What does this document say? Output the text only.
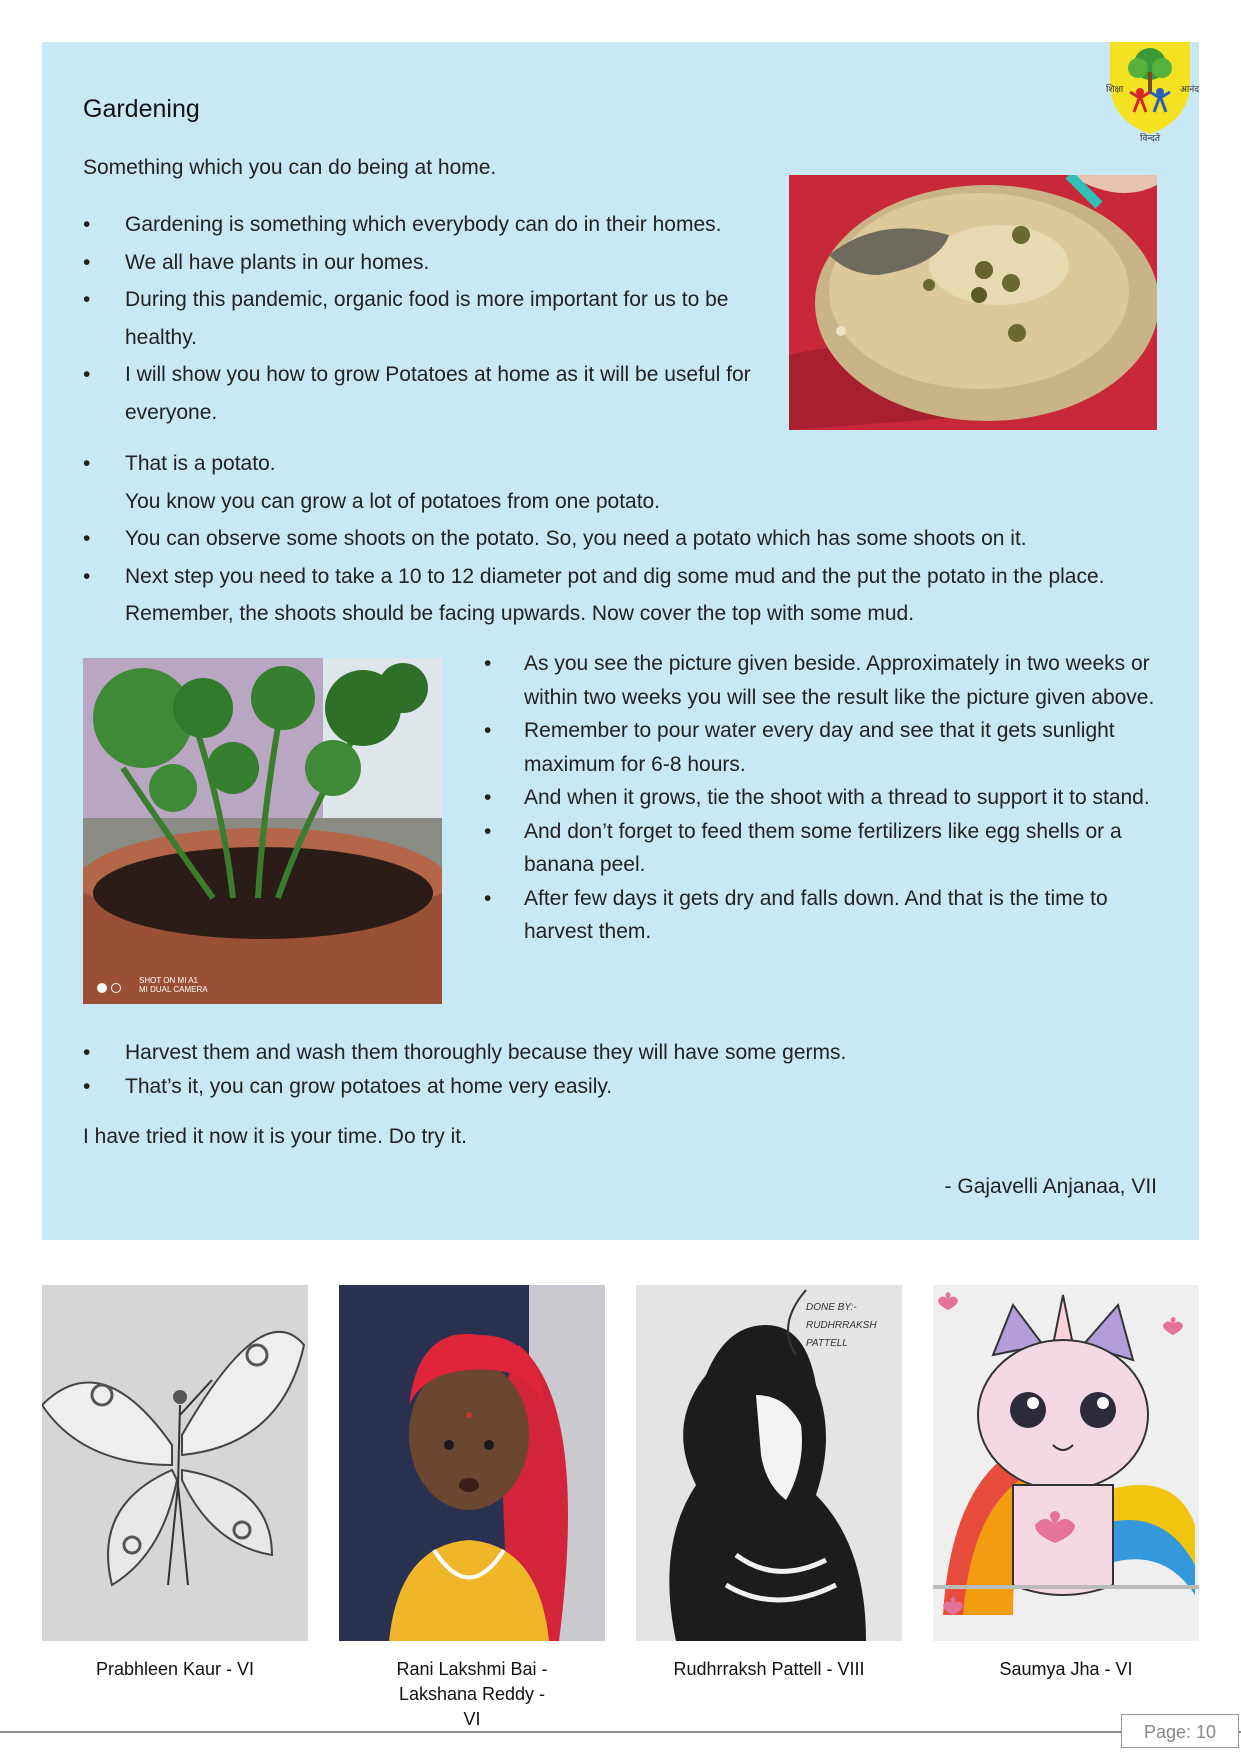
शिक्षा	आनंद
विन्दते
Gardening
Something which you can do being at home.
• Gardening is something which everybody can do in their homes.
• We all have plants in our homes.
• During this pandemic, organic food is more important for us to be healthy.
• I will show you how to grow Potatoes at home as it will be useful for everyone.
• That is a potato.
You know you can grow a lot of potatoes from one potato.
• You can observe some shoots on the potato. So, you need a potato which has some shoots on it.
• Next step you need to take a 10 to 12 diameter pot and dig some mud and the put the potato in the place. Remember, the shoots should be facing upwards. Now cover the top with some mud.

SHOT ON MI A1
MI DUAL CAMERA
• As you see the picture given beside. Approximately in two weeks or within two weeks you will see the result like the picture given above.
• Remember to pour water every day and see that it gets sunlight maximum for 6-8 hours.
• And when it grows, tie the shoot with a thread to support it to stand.
• And don’t forget to feed them some fertilizers like egg shells or a banana peel.
• After few days it gets dry and falls down. And that is the time to harvest them.
• Harvest them and wash them thoroughly because they will have some germs.
• That’s it, you can grow potatoes at home very easily.
I have tried it now it is your time. Do try it.
- Gajavelli Anjanaa, VII
DONE BY:-
RUDHRRAKSH
PATTELL
Prabhleen Kaur - VI	Rani Lakshmi Bai - Lakshana Reddy - VI
Rudhrraksh Pattell - VIII	Saumya Jha - VI
Page: 10
